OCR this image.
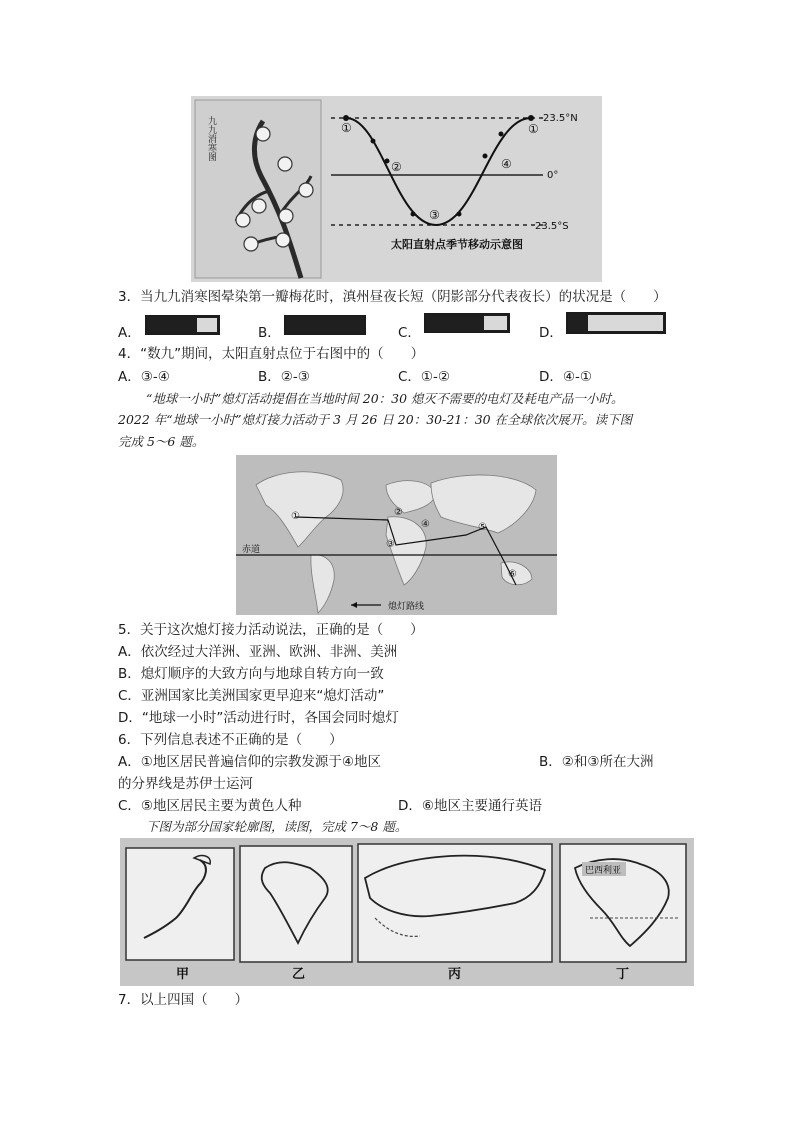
九九消寒图	23.5°N
0°
23.5°S
①
②
③
④
①
太阳直射点季节移动示意图
3．当九九消寒图晕染第一瓣梅花时，滇州昼夜长短（阴影部分代表夜长）的状况是（　　）
A．	B．	C．	D．
4．“数九”期间，太阳直射点位于右图中的（　　）
A．③-④	B．②-③	C．①-②	D．④-①
“地球一小时”熄灯活动提倡在当地时间 20：30 熄灭不需要的电灯及耗电产品一小时。
2022 年“地球一小时”熄灯接力活动于 3 月 26 日 20：30-21：30 在全球依次展开。读下图
完成 5～6 题。
赤道
①	②
③
④	⑤
⑥
熄灯路线
5．关于这次熄灯接力活动说法，正确的是（　　）
A．依次经过大洋洲、亚洲、欧洲、非洲、美洲
B．熄灯顺序的大致方向与地球自转方向一致
C．亚洲国家比美洲国家更早迎来“熄灯活动”
D．“地球一小时”活动进行时，各国会同时熄灯
6．下列信息表述不正确的是（　　）
A．①地区居民普遍信仰的宗教发源于④地区	B．②和③所在大洲
的分界线是苏伊士运河
C．⑤地区居民主要为黄色人种	D．⑥地区主要通行英语
下图为部分国家轮廓图，读图，完成 7～8 题。
巴西利亚
甲	乙	丙	丁
7．以上四国（　　）
